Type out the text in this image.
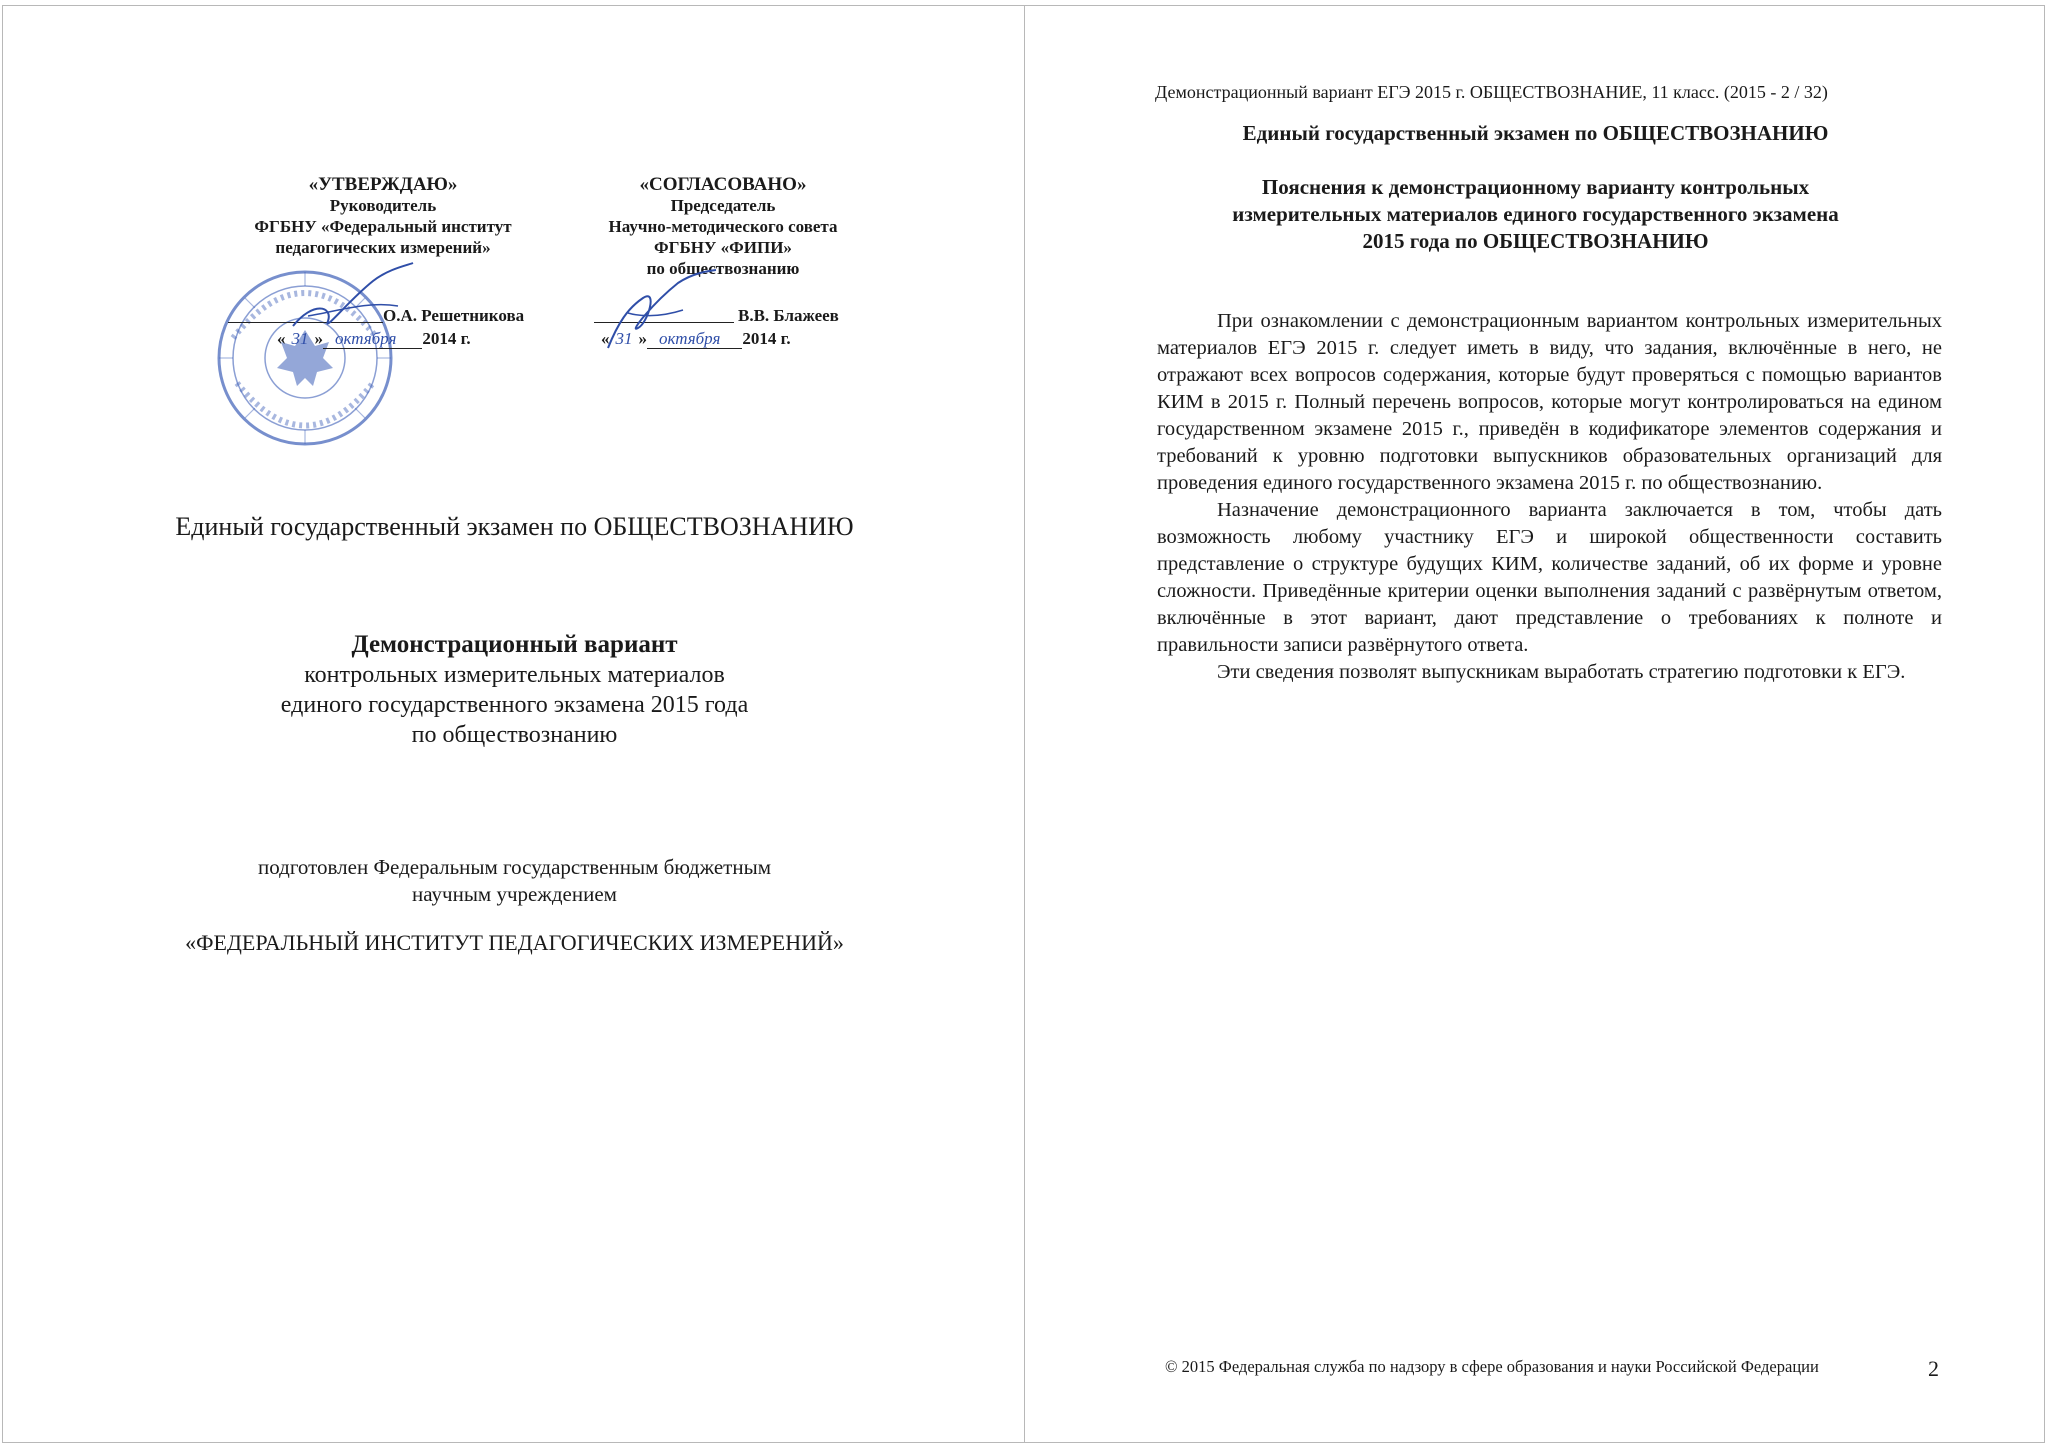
«УТВЕРЖДАЮ»
Руководитель
ФГБНУ «Федеральный институт
педагогических измерений»
О.А. Решетникова
« 31 » октября 2014 г.
«СОГЛАСОВАНО»
Председатель
Научно-методического совета
ФГБНУ «ФИПИ»
по обществознанию
В.В. Блажеев
« 31 » октября 2014 г.
Единый государственный экзамен по ОБЩЕСТВОЗНАНИЮ
Демонстрационный вариант
контрольных измерительных материалов
единого государственного экзамена 2015 года
по обществознанию
подготовлен Федеральным государственным бюджетным
научным учреждением
«ФЕДЕРАЛЬНЫЙ ИНСТИТУТ ПЕДАГОГИЧЕСКИХ ИЗМЕРЕНИЙ»
Демонстрационный вариант ЕГЭ 2015 г. ОБЩЕСТВОЗНАНИЕ, 11 класс. (2015 - 2 / 32)
Единый государственный экзамен по ОБЩЕСТВОЗНАНИЮ
Пояснения к демонстрационному варианту контрольных
измерительных материалов единого государственного экзамена
2015 года по ОБЩЕСТВОЗНАНИЮ

При ознакомлении с демонстрационным вариантом контрольных измерительных материалов ЕГЭ 2015 г. следует иметь в виду, что задания, включённые в него, не отражают всех вопросов содержания, которые будут проверяться с помощью вариантов КИМ в 2015 г. Полный перечень вопросов, которые могут контролироваться на едином государственном экзамене 2015 г., приведён в кодификаторе элементов содержания и требований к уровню подготовки выпускников образовательных организаций для проведения единого государственного экзамена 2015 г. по обществознанию.

Назначение демонстрационного варианта заключается в том, чтобы дать возможность любому участнику ЕГЭ и широкой общественности составить представление о структуре будущих КИМ, количестве заданий, об их форме и уровне сложности. Приведённые критерии оценки выполнения заданий с развёрнутым ответом, включённые в этот вариант, дают представление о требованиях к полноте и правильности записи развёрнутого ответа.

Эти сведения позволят выпускникам выработать стратегию подготовки к ЕГЭ.

© 2015 Федеральная служба по надзору в сфере образования и науки Российской Федерации	2
